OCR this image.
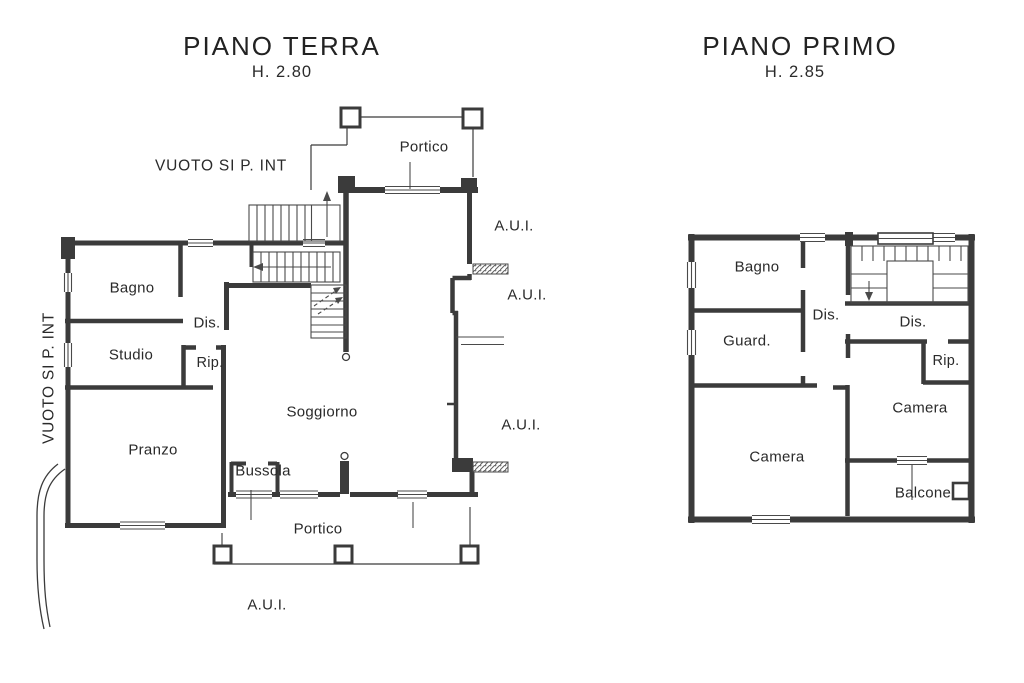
PIANO TERRA
H. 2.80
VUOTO SI P. INT
VUOTO SI P. INT
Portico
Bagno
Dis.
Studio	Rip.
Pranzo
Soggiorno
Bussola
Portico
A.U.I.
A.U.I.
A.U.I.
A.U.I.
PIANO PRIMO
H. 2.85
Bagno
Dis.	Dis.
Guard.
Rip.
Camera
Camera
Balcone
